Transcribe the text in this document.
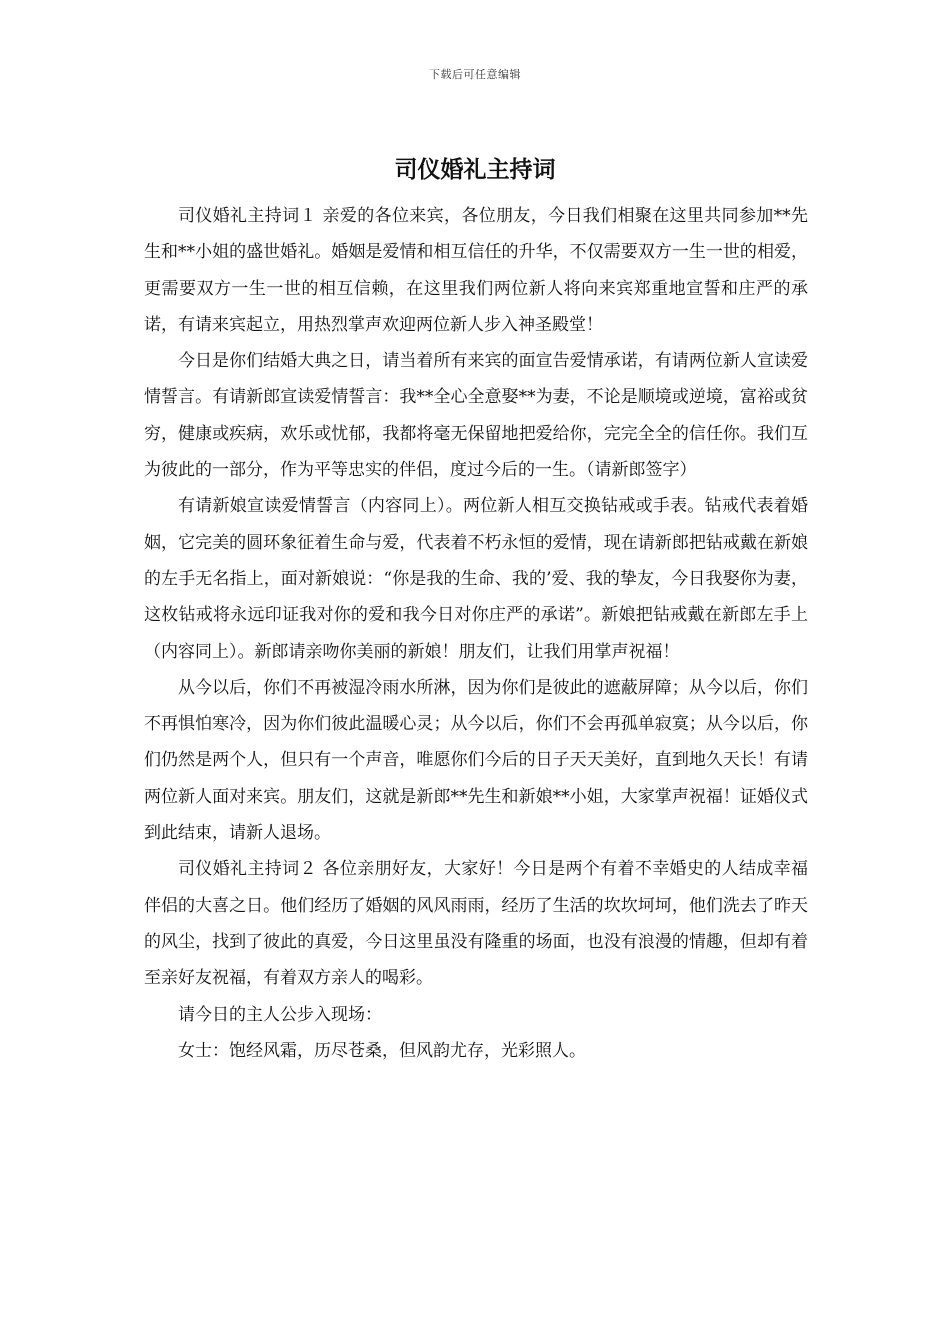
下载后可任意编辑
司仪婚礼主持词

司仪婚礼主持词１ 亲爱的各位来宾，各位朋友，今日我们相聚在这里共同参加**先生和**小姐的盛世婚礼。婚姻是爱情和相互信任的升华，不仅需要双方一生一世的相爱，更需要双方一生一世的相互信赖，在这里我们两位新人将向来宾郑重地宣誓和庄严的承诺，有请来宾起立，用热烈掌声欢迎两位新人步入神圣殿堂！

今日是你们结婚大典之日，请当着所有来宾的面宣告爱情承诺，有请两位新人宣读爱情誓言。有请新郎宣读爱情誓言：我**全心全意娶**为妻，不论是顺境或逆境，富裕或贫穷，健康或疾病，欢乐或忧郁，我都将毫无保留地把爱给你，完完全全的信任你。我们互为彼此的一部分，作为平等忠实的伴侣，度过今后的一生。（请新郎签字）

有请新娘宣读爱情誓言（内容同上）。两位新人相互交换钻戒或手表。钻戒代表着婚姻，它完美的圆环象征着生命与爱，代表着不朽永恒的爱情，现在请新郎把钻戒戴在新娘的左手无名指上，面对新娘说：“你是我的生命、我的’爱、我的挚友，今日我娶你为妻，这枚钻戒将永远印证我对你的爱和我今日对你庄严的承诺”。新娘把钻戒戴在新郎左手上（内容同上）。新郎请亲吻你美丽的新娘！朋友们，让我们用掌声祝福！

从今以后，你们不再被湿冷雨水所淋，因为你们是彼此的遮蔽屏障；从今以后，你们不再惧怕寒冷，因为你们彼此温暖心灵；从今以后，你们不会再孤单寂寞；从今以后，你们仍然是两个人，但只有一个声音，唯愿你们今后的日子天天美好，直到地久天长！有请两位新人面对来宾。朋友们，这就是新郎**先生和新娘**小姐，大家掌声祝福！证婚仪式到此结束，请新人退场。

司仪婚礼主持词２ 各位亲朋好友，大家好！今日是两个有着不幸婚史的人结成幸福伴侣的大喜之日。他们经历了婚姻的风风雨雨，经历了生活的坎坎坷坷，他们洗去了昨天的风尘，找到了彼此的真爱，今日这里虽没有隆重的场面，也没有浪漫的情趣，但却有着至亲好友祝福，有着双方亲人的喝彩。

请今日的主人公步入现场：

女士：饱经风霜，历尽苍桑，但风韵尤存，光彩照人。
